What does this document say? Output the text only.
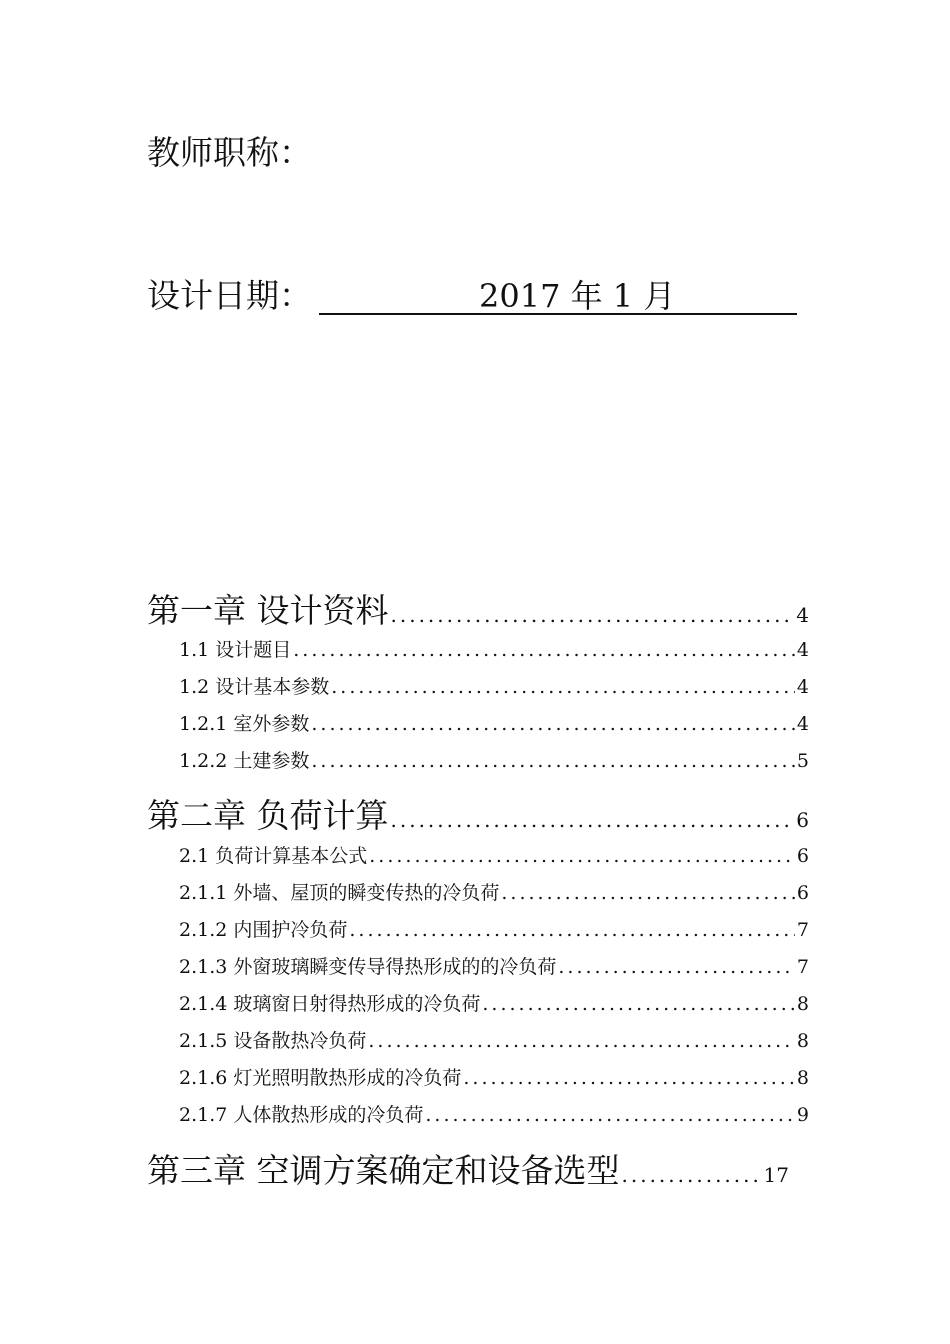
教师职称：
设计日期：	2017 年 1 月
第一章 设计资料 .....	4
1.1 设计题目 .....	4
1.2 设计基本参数 .....	4
1.2.1 室外参数 .....	4
1.2.2 土建参数 .....	5
第二章 负荷计算 .....	6
2.1 负荷计算基本公式 .....	6
2.1.1 外墙、屋顶的瞬变传热的冷负荷 .....	6
2.1.2 内围护冷负荷 .....	7
2.1.3 外窗玻璃瞬变传导得热形成的的冷负荷 .....	7
2.1.4 玻璃窗日射得热形成的冷负荷 .....	8
2.1.5 设备散热冷负荷 .....	8
2.1.6 灯光照明散热形成的冷负荷 .....	8
2.1.7 人体散热形成的冷负荷 .....	9
第三章 空调方案确定和设备选型 .....	17
